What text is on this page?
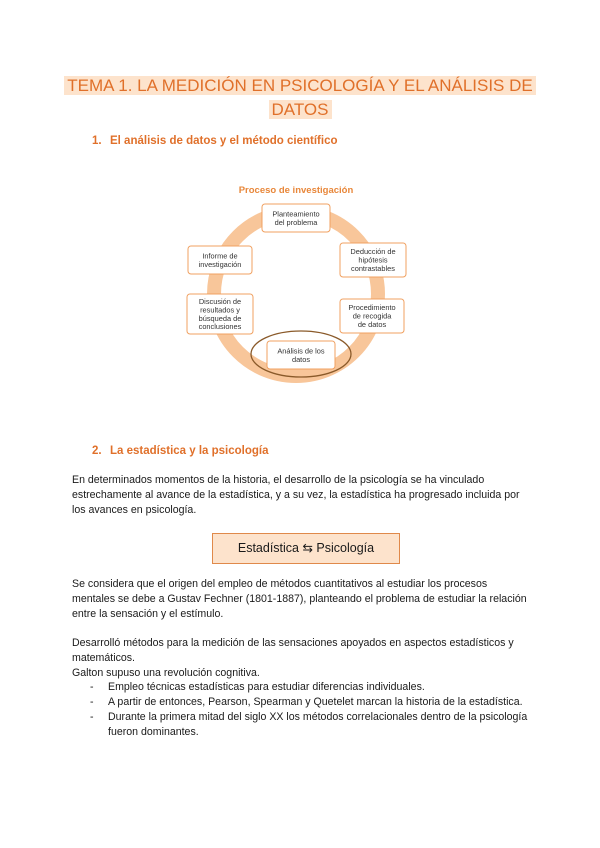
TEMA 1. LA MEDICIÓN EN PSICOLOGÍA Y EL ANÁLISIS DE DATOS
1. El análisis de datos y el método científico
Proceso de investigación
Planteamiento
del problema
Deducción de
hipótesis
contrastables
Procedimiento
de recogida
de datos
Análisis de los
datos
Discusión de
resultados y
búsqueda de
conclusiones
Informe de
investigación
2. La estadística y la psicología
En determinados momentos de la historia, el desarrollo de la psicología se ha vinculado estrechamente al avance de la estadística, y a su vez, la estadística ha progresado incluida por los avances en psicología.
Estadística ⇆ Psicología
Se considera que el origen del empleo de métodos cuantitativos al estudiar los procesos mentales se debe a Gustav Fechner (1801-1887), planteando el problema de estudiar la relación entre la sensación y el estímulo.
Desarrolló métodos para la medición de las sensaciones apoyados en aspectos estadísticos y matemáticos.
Galton supuso una revolución cognitiva.
- Empleo técnicas estadísticas para estudiar diferencias individuales.
- A partir de entonces, Pearson, Spearman y Quetelet marcan la historia de la estadística.
- Durante la primera mitad del siglo XX los métodos correlacionales dentro de la psicología fueron dominantes.
